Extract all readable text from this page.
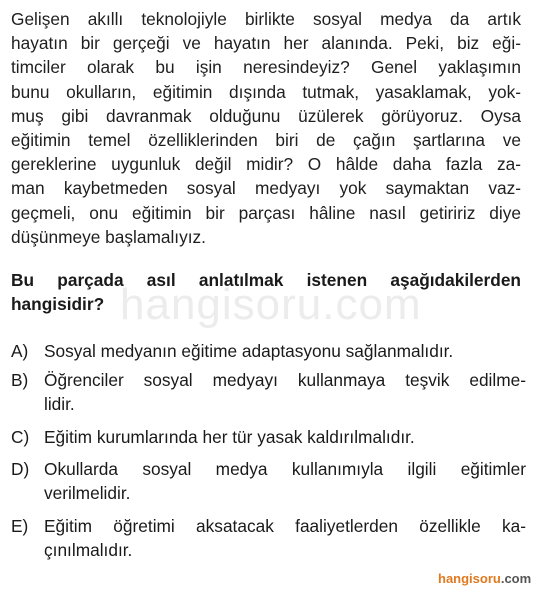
hangisoru.com
Gelişen akıllı teknolojiyle birlikte sosyal medya da artık
hayatın bir gerçeği ve hayatın her alanında. Peki, biz eği-
timciler olarak bu işin neresindeyiz? Genel yaklaşımın
bunu okulların, eğitimin dışında tutmak, yasaklamak, yok-
muş gibi davranmak olduğunu üzülerek görüyoruz. Oysa
eğitimin temel özelliklerinden biri de çağın şartlarına ve
gereklerine uygunluk değil midir? O hâlde daha fazla za-
man kaybetmeden sosyal medyayı yok saymaktan vaz-
geçmeli, onu eğitimin bir parçası hâline nasıl getiririz diye
düşünmeye başlamalıyız.
Bu parçada asıl anlatılmak istenen aşağıdakilerden
hangisidir?
A) Sosyal medyanın eğitime adaptasyonu sağlanmalıdır.
B) Öğrenciler sosyal medyayı kullanmaya teşvik edilme-
lidir.
C) Eğitim kurumlarında her tür yasak kaldırılmalıdır.
D) Okullarda sosyal medya kullanımıyla ilgili eğitimler
verilmelidir.
E) Eğitim öğretimi aksatacak faaliyetlerden özellikle ka-
çınılmalıdır.
hangisoru.com
